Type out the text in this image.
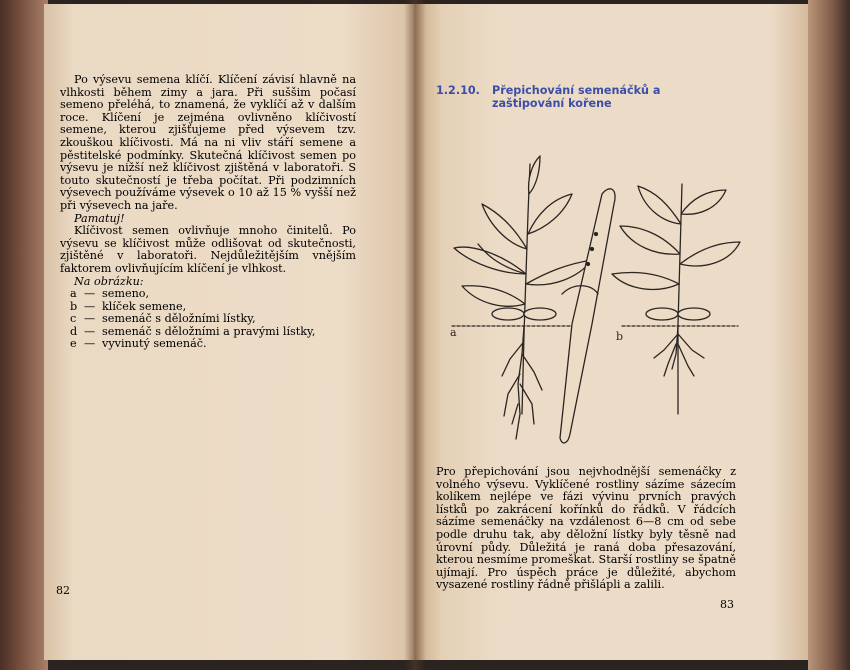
Po výsevu semena klíčí. Klíčení závisí hlavně na vlhkosti během zimy a jara. Při suššim počasí semeno přeléhá, to znamená, že vyklíčí až v dalším roce. Klíčení je zejména ovlivněno klíčivostí semene, kterou zjišťujeme před výsevem tzv. zkouškou klíčivosti. Má na ni vliv stáří semene a pěstitelské podmínky. Skutečná klíčivost semen po výsevu je nižší než klíčivost zjištěná v laboratoři. S touto skutečností je třeba počítat. Při podzimních výsevech používáme výsevek o 10 až 15 % vyšší než při výsevech na jaře.

Pamatuj!

Klíčivost semen ovlivňuje mnoho činitelů. Po výsevu se klíčivost může odlišovat od skutečnosti, zjištěné v laboratoři. Nejdůležitějším vnějším faktorem ovlivňujícím klíčení je vlhkost.

Na obrázku:

a — semeno,
b — klíček semene,
c — semenáč s děložními lístky,
d — semenáč s děložními a pravými lístky,
e — vyvinutý semenáč.
82
1.2.10.	Přepichování semenáčků a zaštipování kořene
a	b

Pro přepichování jsou nejvhodnější semenáčky z volného výsevu. Vyklíčené rostliny sázíme sázecím kolíkem nejlépe ve fázi vývinu prvních pravých lístků po zakrácení kořínků do řádků. V řádcích sázíme semenáčky na vzdálenost 6—8 cm od sebe podle druhu tak, aby děložní lístky byly těsně nad úrovní půdy. Důležitá je raná doba přesazování, kterou nesmíme promeškat. Starší rostliny se špatně ujímají. Pro úspěch práce je důležité, abychom vysazené rostliny řádně přišlápli a zalili.

83
